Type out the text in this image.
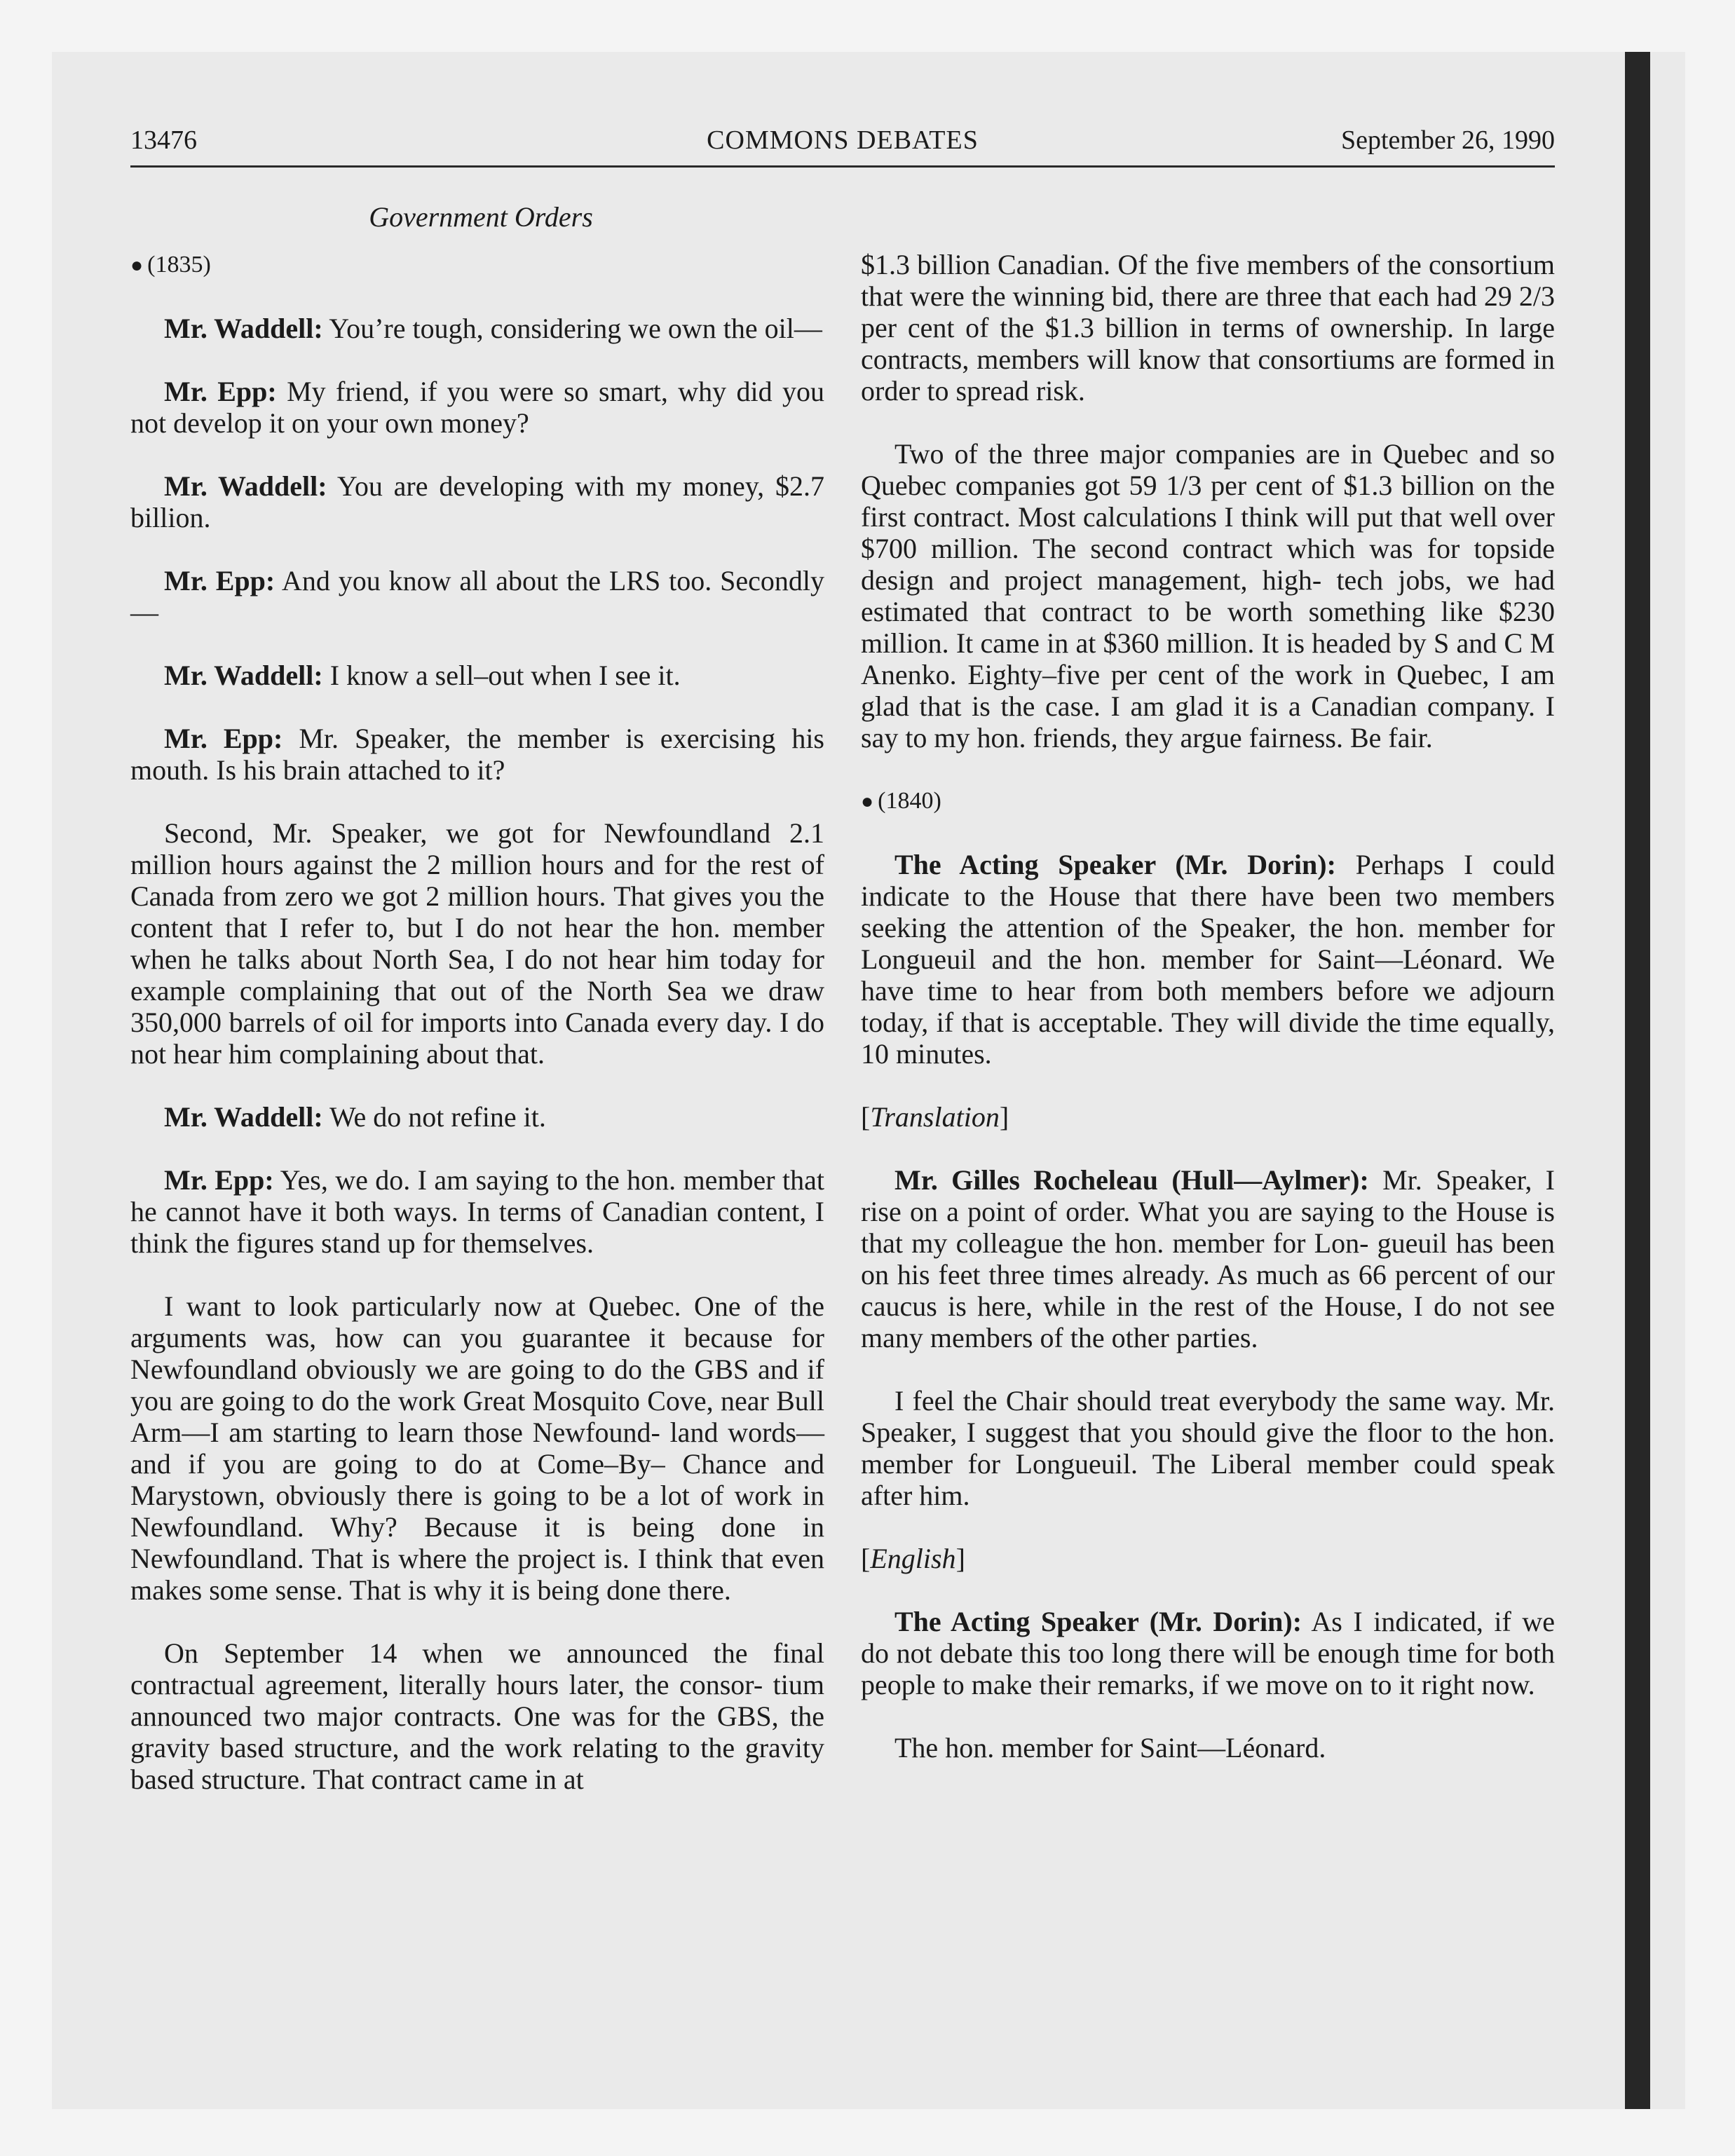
13476	COMMONS DEBATES	September 26, 1990
Government Orders
● (1835)

Mr. Waddell: You’re tough, considering we own the oil—

Mr. Epp: My friend, if you were so smart, why did you not develop it on your own money?

Mr. Waddell: You are developing with my money, $2.7 billion.

Mr. Epp: And you know all about the LRS too. Secondly—

Mr. Waddell: I know a sell–out when I see it.

Mr. Epp: Mr. Speaker, the member is exercising his mouth. Is his brain attached to it?

Second, Mr. Speaker, we got for Newfoundland 2.1 million hours against the 2 million hours and for the rest of Canada from zero we got 2 million hours. That gives you the content that I refer to, but I do not hear the hon. member when he talks about North Sea, I do not hear him today for example complaining that out of the North Sea we draw 350,000 barrels of oil for imports into Canada every day. I do not hear him complaining about that.

Mr. Waddell: We do not refine it.

Mr. Epp: Yes, we do. I am saying to the hon. member that he cannot have it both ways. In terms of Canadian content, I think the figures stand up for themselves.

I want to look particularly now at Quebec. One of the arguments was, how can you guarantee it because for Newfoundland obviously we are going to do the GBS and if you are going to do the work Great Mosquito Cove, near Bull Arm—I am starting to learn those Newfound- land words—and if you are going to do at Come–By– Chance and Marystown, obviously there is going to be a lot of work in Newfoundland. Why? Because it is being done in Newfoundland. That is where the project is. I think that even makes some sense. That is why it is being done there.

On September 14 when we announced the final contractual agreement, literally hours later, the consor- tium announced two major contracts. One was for the GBS, the gravity based structure, and the work relating to the gravity based structure. That contract came in at

$1.3 billion Canadian. Of the five members of the consortium that were the winning bid, there are three that each had 29 2/3 per cent of the $1.3 billion in terms of ownership. In large contracts, members will know that consortiums are formed in order to spread risk.

Two of the three major companies are in Quebec and so Quebec companies got 59 1/3 per cent of $1.3 billion on the first contract. Most calculations I think will put that well over $700 million. The second contract which was for topside design and project management, high- tech jobs, we had estimated that contract to be worth something like $230 million. It came in at $360 million. It is headed by S and C M Anenko. Eighty–five per cent of the work in Quebec, I am glad that is the case. I am glad it is a Canadian company. I say to my hon. friends, they argue fairness. Be fair.

● (1840)

The Acting Speaker (Mr. Dorin): Perhaps I could indicate to the House that there have been two members seeking the attention of the Speaker, the hon. member for Longueuil and the hon. member for Saint—Léonard. We have time to hear from both members before we adjourn today, if that is acceptable. They will divide the time equally, 10 minutes.

[Translation]

Mr. Gilles Rocheleau (Hull—Aylmer): Mr. Speaker, I rise on a point of order. What you are saying to the House is that my colleague the hon. member for Lon- gueuil has been on his feet three times already. As much as 66 percent of our caucus is here, while in the rest of the House, I do not see many members of the other parties.

I feel the Chair should treat everybody the same way. Mr. Speaker, I suggest that you should give the floor to the hon. member for Longueuil. The Liberal member could speak after him.

[English]

The Acting Speaker (Mr. Dorin): As I indicated, if we do not debate this too long there will be enough time for both people to make their remarks, if we move on to it right now.

The hon. member for Saint—Léonard.
